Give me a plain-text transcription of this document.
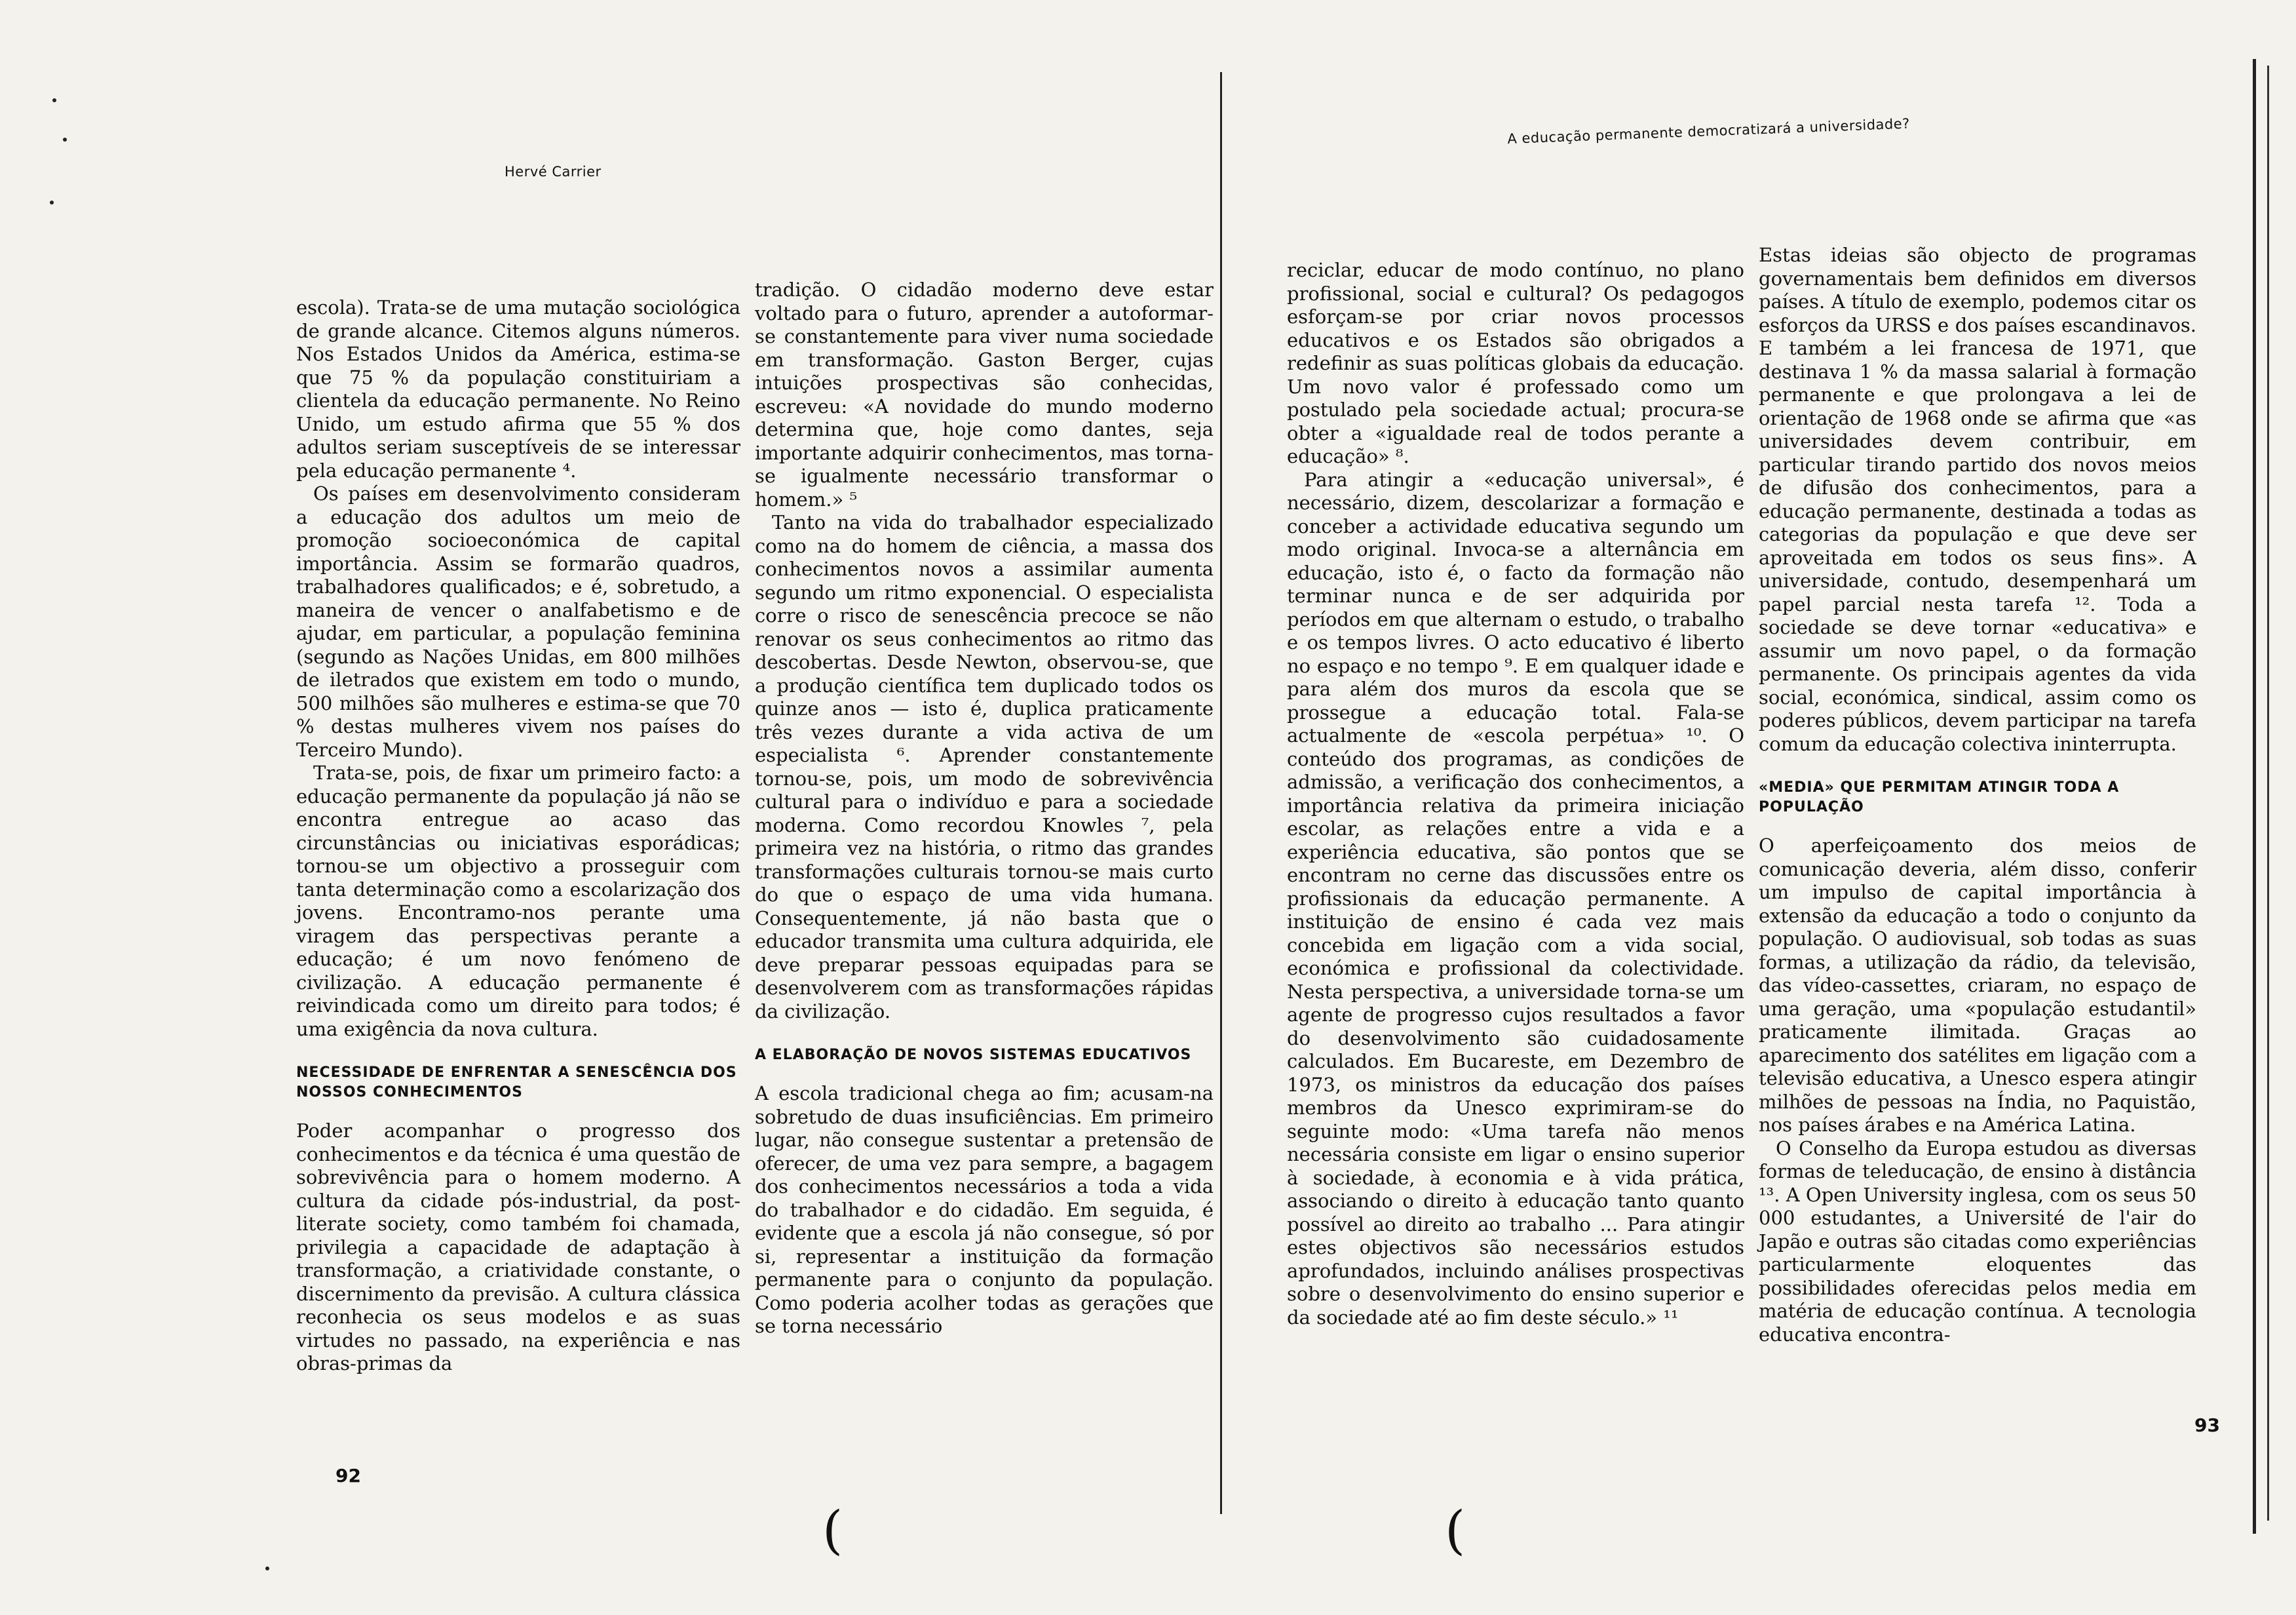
Hervé Carrier

escola). Trata-se de uma mutação sociológica de grande alcance. Citemos alguns números. Nos Estados Unidos da América, estima-se que 75 % da população constituiriam a clientela da educação permanente. No Reino Unido, um estudo afirma que 55 % dos adultos seriam susceptíveis de se interessar pela educação permanente ⁴.

Os países em desenvolvimento consideram a educação dos adultos um meio de promoção socioeconómica de capital importância. Assim se formarão quadros, trabalhadores qualificados; e é, sobretudo, a maneira de vencer o analfabetismo e de ajudar, em particular, a população feminina (segundo as Nações Unidas, em 800 milhões de iletrados que existem em todo o mundo, 500 milhões são mulheres e estima-se que 70 % destas mulheres vivem nos países do Terceiro Mundo).

Trata-se, pois, de fixar um primeiro facto: a educação permanente da população já não se encontra entregue ao acaso das circunstâncias ou iniciativas esporádicas; tornou-se um objectivo a prosseguir com tanta determinação como a escolarização dos jovens. Encontramo-nos perante uma viragem das perspectivas perante a educação; é um novo fenómeno de civilização. A educação permanente é reivindicada como um direito para todos; é uma exigência da nova cultura.

NECESSIDADE DE ENFRENTAR A SENESCÊNCIA DOS NOSSOS CONHECIMENTOS

Poder acompanhar o progresso dos conhecimentos e da técnica é uma questão de sobrevivência para o homem moderno. A cultura da cidade pós-industrial, da post-literate society, como também foi chamada, privilegia a capacidade de adaptação à transformação, a criatividade constante, o discernimento da previsão. A cultura clássica reconhecia os seus modelos e as suas virtudes no passado, na experiência e nas obras-primas da

tradição. O cidadão moderno deve estar voltado para o futuro, aprender a autoformar-se constantemente para viver numa sociedade em transformação. Gaston Berger, cujas intuições prospectivas são conhecidas, escreveu: «A novidade do mundo moderno determina que, hoje como dantes, seja importante adquirir conhecimentos, mas torna-se igualmente necessário transformar o homem.» ⁵

Tanto na vida do trabalhador especializado como na do homem de ciência, a massa dos conhecimentos novos a assimilar aumenta segundo um ritmo exponencial. O especialista corre o risco de senescência precoce se não renovar os seus conhecimentos ao ritmo das descobertas. Desde Newton, observou-se, que a produção científica tem duplicado todos os quinze anos — isto é, duplica praticamente três vezes durante a vida activa de um especialista ⁶. Aprender constantemente tornou-se, pois, um modo de sobrevivência cultural para o indivíduo e para a sociedade moderna. Como recordou Knowles ⁷, pela primeira vez na história, o ritmo das grandes transformações culturais tornou-se mais curto do que o espaço de uma vida humana. Consequentemente, já não basta que o educador transmita uma cultura adquirida, ele deve preparar pessoas equipadas para se desenvolverem com as transformações rápidas da civilização.

A ELABORAÇÃO DE NOVOS SISTEMAS EDUCATIVOS

A escola tradicional chega ao fim; acusam-na sobretudo de duas insuficiências. Em primeiro lugar, não consegue sustentar a pretensão de oferecer, de uma vez para sempre, a bagagem dos conhecimentos necessários a toda a vida do trabalhador e do cidadão. Em seguida, é evidente que a escola já não consegue, só por si, representar a instituição da formação permanente para o conjunto da população. Como poderia acolher todas as gerações que se torna necessário

92
(
A educação permanente democratizará a universidade?

reciclar, educar de modo contínuo, no plano profissional, social e cultural? Os pedagogos esforçam-se por criar novos processos educativos e os Estados são obrigados a redefinir as suas políticas globais da educação. Um novo valor é professado como um postulado pela sociedade actual; procura-se obter a «igualdade real de todos perante a educação» ⁸.

Para atingir a «educação universal», é necessário, dizem, descolarizar a formação e conceber a actividade educativa segundo um modo original. Invoca-se a alternância em educação, isto é, o facto da formação não terminar nunca e de ser adquirida por períodos em que alternam o estudo, o trabalho e os tempos livres. O acto educativo é liberto no espaço e no tempo ⁹. E em qualquer idade e para além dos muros da escola que se prossegue a educação total. Fala-se actualmente de «escola perpétua» ¹⁰. O conteúdo dos programas, as condições de admissão, a verificação dos conhecimentos, a importância relativa da primeira iniciação escolar, as relações entre a vida e a experiência educativa, são pontos que se encontram no cerne das discussões entre os profissionais da educação permanente. A instituição de ensino é cada vez mais concebida em ligação com a vida social, económica e profissional da colectividade. Nesta perspectiva, a universidade torna-se um agente de progresso cujos resultados a favor do desenvolvimento são cuidadosamente calculados. Em Bucareste, em Dezembro de 1973, os ministros da educação dos países membros da Unesco exprimiram-se do seguinte modo: «Uma tarefa não menos necessária consiste em ligar o ensino superior à sociedade, à economia e à vida prática, associando o direito à educação tanto quanto possível ao direito ao trabalho ... Para atingir estes objectivos são necessários estudos aprofundados, incluindo análises prospectivas sobre o desenvolvimento do ensino superior e da sociedade até ao fim deste século.» ¹¹

Estas ideias são objecto de programas governamentais bem definidos em diversos países. A título de exemplo, podemos citar os esforços da URSS e dos países escandinavos. E também a lei francesa de 1971, que destinava 1 % da massa salarial à formação permanente e que prolongava a lei de orientação de 1968 onde se afirma que «as universidades devem contribuir, em particular tirando partido dos novos meios de difusão dos conhecimentos, para a educação permanente, destinada a todas as categorias da população e que deve ser aproveitada em todos os seus fins». A universidade, contudo, desempenhará um papel parcial nesta tarefa ¹². Toda a sociedade se deve tornar «educativa» e assumir um novo papel, o da formação permanente. Os principais agentes da vida social, económica, sindical, assim como os poderes públicos, devem participar na tarefa comum da educação colectiva ininterrupta.

«MEDIA» QUE PERMITAM ATINGIR TODA A POPULAÇÃO

O aperfeiçoamento dos meios de comunicação deveria, além disso, conferir um impulso de capital importância à extensão da educação a todo o conjunto da população. O audiovisual, sob todas as suas formas, a utilização da rádio, da televisão, das vídeo-cassettes, criaram, no espaço de uma geração, uma «população estudantil» praticamente ilimitada. Graças ao aparecimento dos satélites em ligação com a televisão educativa, a Unesco espera atingir milhões de pessoas na Índia, no Paquistão, nos países árabes e na América Latina.

O Conselho da Europa estudou as diversas formas de teleducação, de ensino à distância ¹³. A Open University inglesa, com os seus 50 000 estudantes, a Université de l'air do Japão e outras são citadas como experiências particularmente eloquentes das possibilidades oferecidas pelos media em matéria de educação contínua. A tecnologia educativa encontra-

93
(
